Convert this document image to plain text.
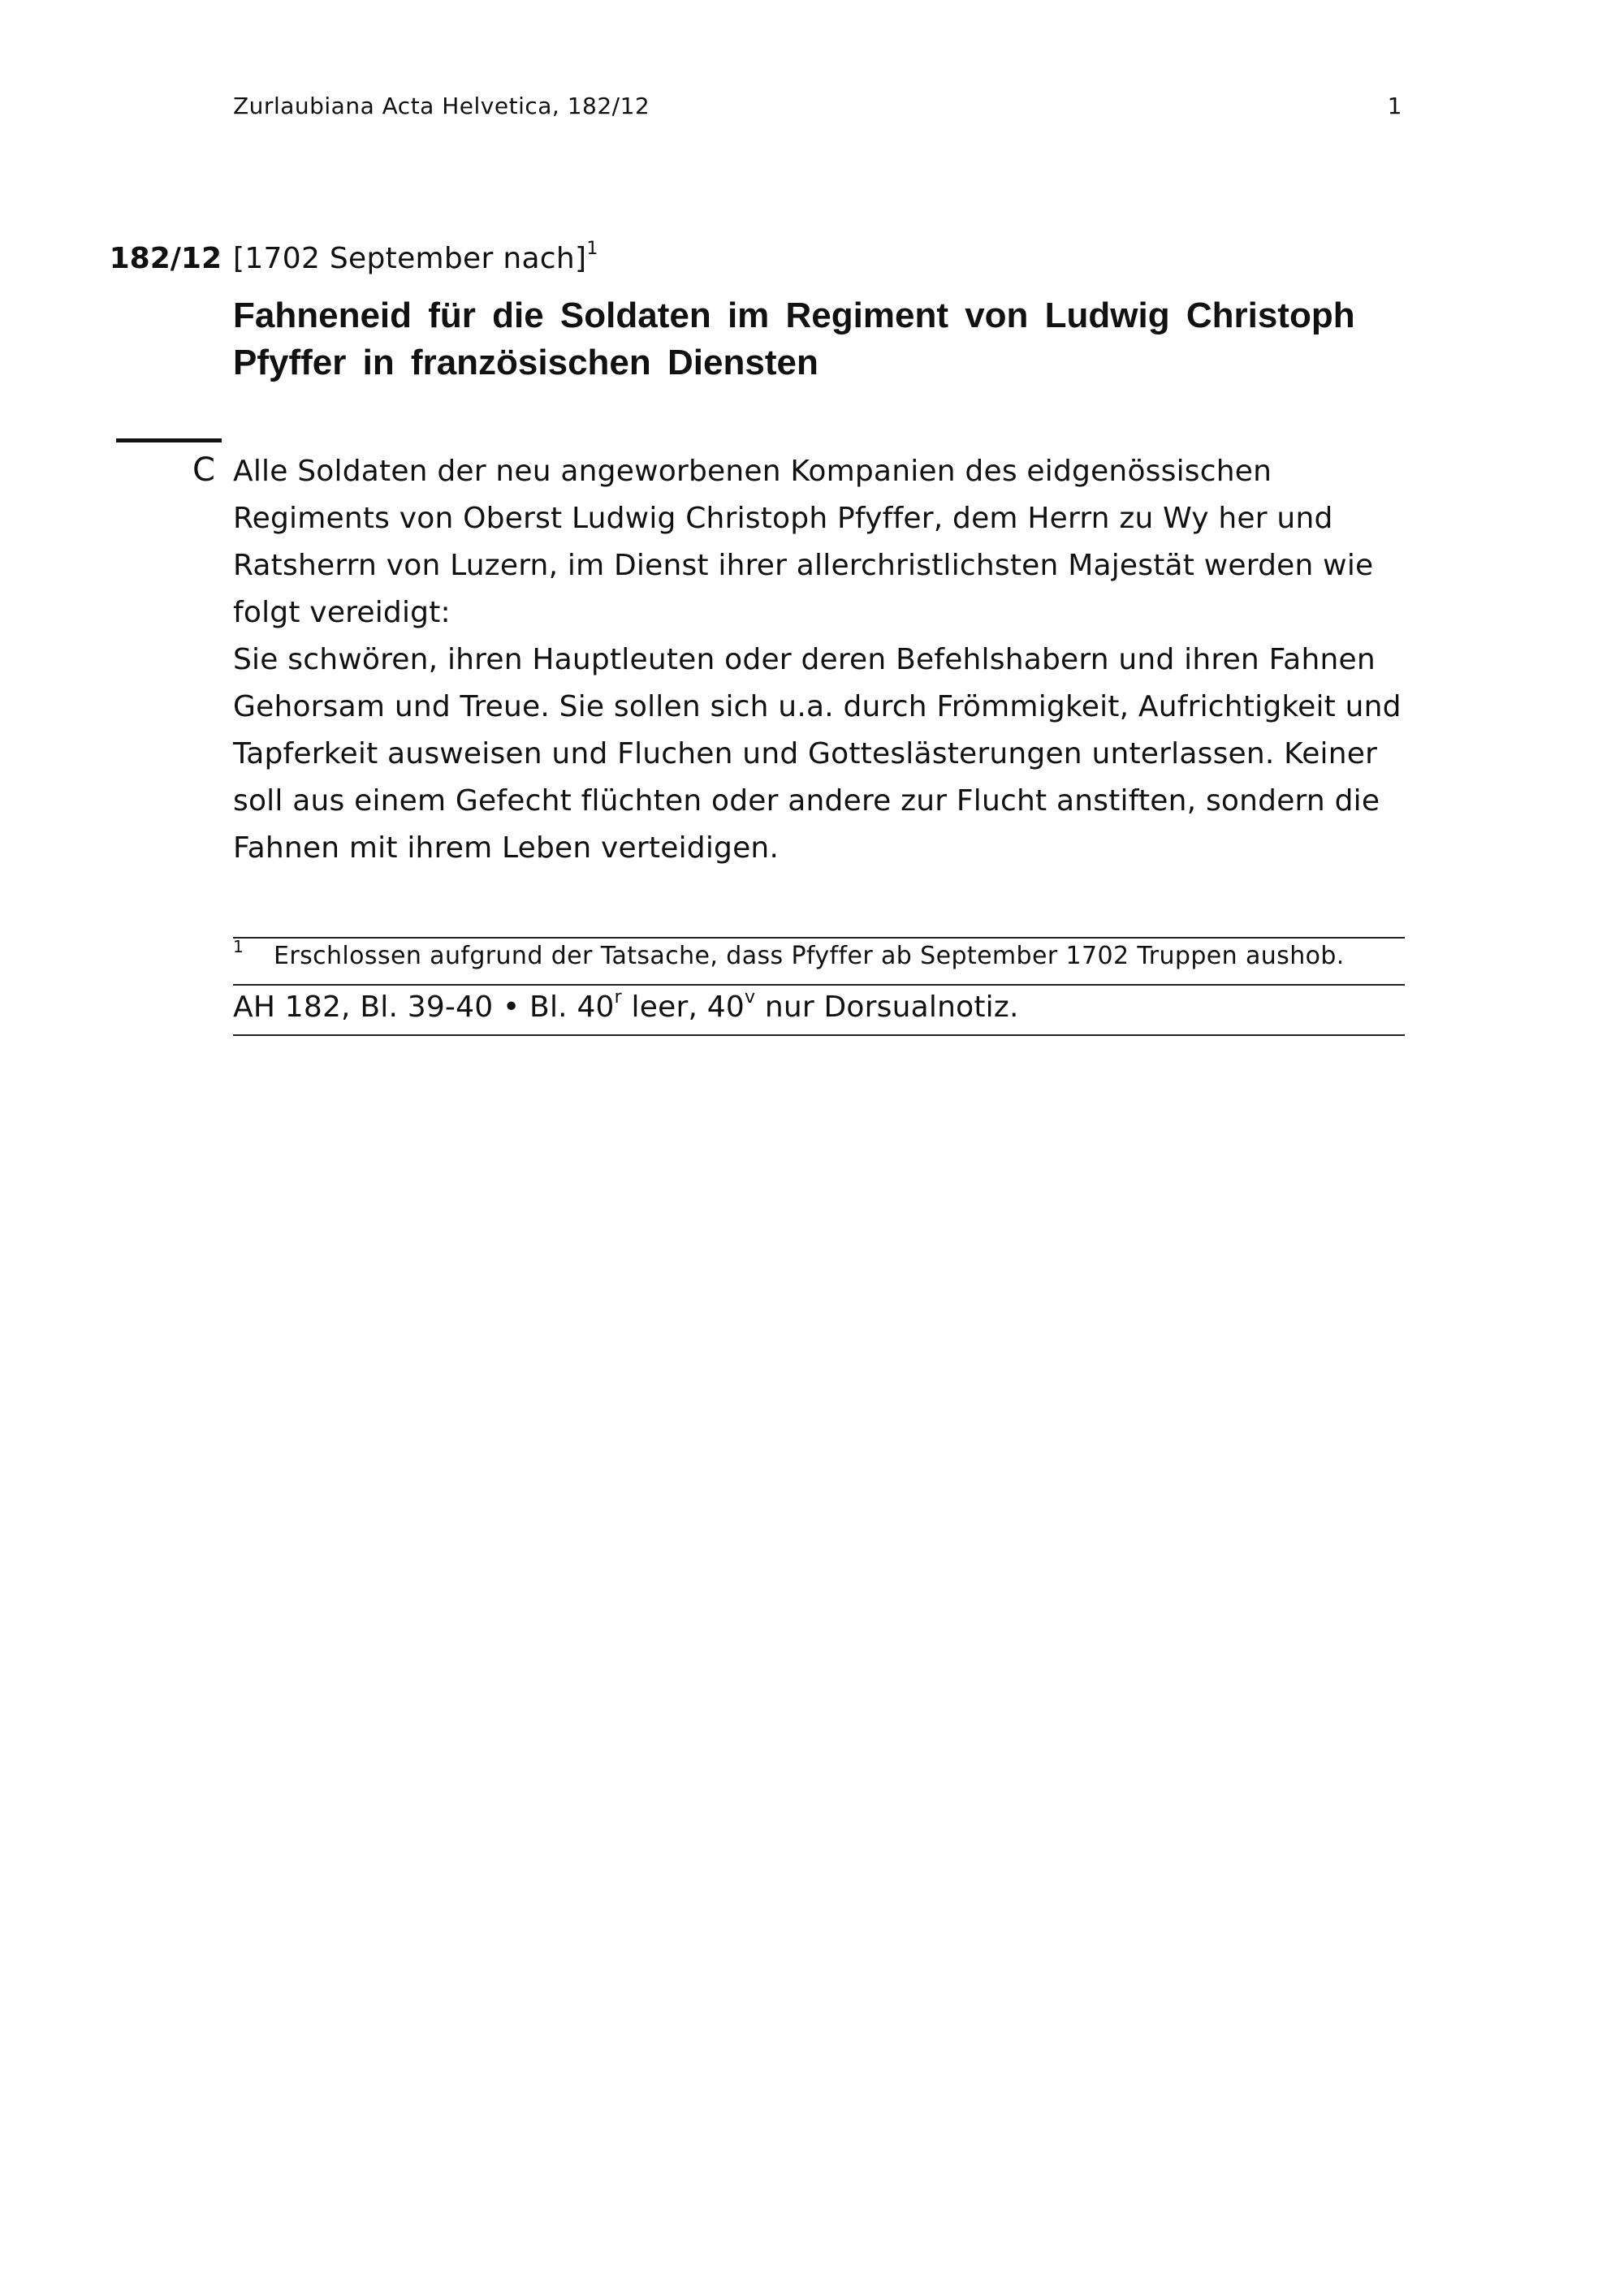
Zurlaubiana Acta Helvetica, 182/12	1
182/12 [1702 September nach]$^1$
Fahneneid für die Soldaten im Regiment von Ludwig Christoph
Pfyffer in französischen Diensten
C Alle Soldaten der neu angeworbenen Kompanien des eidgenössischen

Regiments von Oberst Ludwig Christoph Pfyffer, dem Herrn zu Wy her und

Ratsherrn von Luzern, im Dienst ihrer allerchristlichsten Majestät werden wie

folgt vereidigt:

Sie schwören, ihren Hauptleuten oder deren Befehlshabern und ihren Fahnen

Gehorsam und Treue. Sie sollen sich u.a. durch Frömmigkeit, Aufrichtigkeit und

Tapferkeit ausweisen und Fluchen und Gotteslästerungen unterlassen. Keiner

soll aus einem Gefecht flüchten oder andere zur Flucht anstiften, sondern die

Fahnen mit ihrem Leben verteidigen.

1 Erschlossen aufgrund der Tatsache, dass Pfyffer ab September 1702 Truppen aushob.
AH 182, Bl. 39-40 • Bl. 40$^r$ leer, 40$^v$ nur Dorsualnotiz.
